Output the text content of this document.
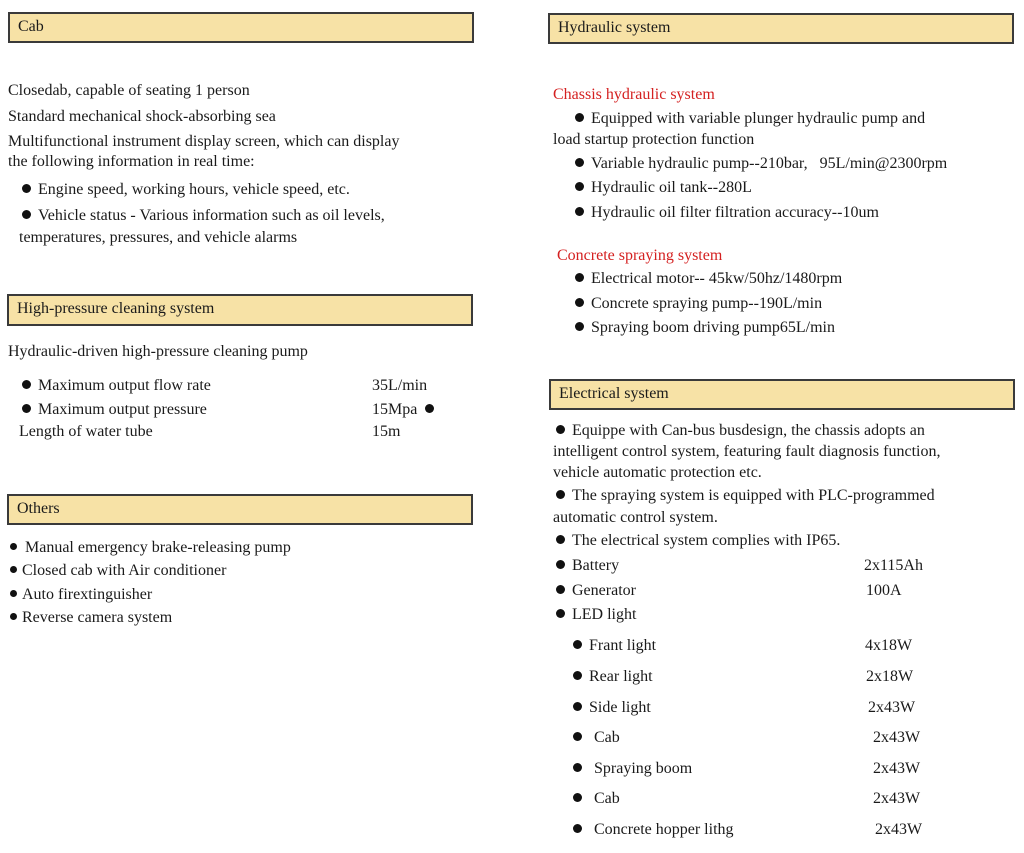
Cab
Closedab, capable of seating 1 person
Standard mechanical shock-absorbing sea
Multifunctional instrument display screen, which can display
the following information in real time:
Engine speed, working hours, vehicle speed, etc.
Vehicle status - Various information such as oil levels,
temperatures, pressures, and vehicle alarms
High-pressure cleaning system
Hydraulic-driven high-pressure cleaning pump
Maximum output flow rate	35L/min
Maximum output pressure	15Mpa
Length of water tube	15m
Others
Manual emergency brake-releasing pump
Closed cab with Air conditioner
Auto firextinguisher
Reverse camera system
Hydraulic system
Chassis hydraulic system
Equipped with variable plunger hydraulic pump and
load startup protection function
Variable hydraulic pump--210bar,   95L/min@2300rpm
Hydraulic oil tank--280L
Hydraulic oil filter filtration accuracy--10um
Concrete spraying system
Electrical motor-- 45kw/50hz/1480rpm
Concrete spraying pump--190L/min
Spraying boom driving pump65L/min
Electrical system
Equippe with Can-bus busdesign, the chassis adopts an
intelligent control system, featuring fault diagnosis function,
vehicle automatic protection etc.
The spraying system is equipped with PLC-programmed
automatic control system.
The electrical system complies with IP65.
Battery	2x115Ah
Generator	100A
LED light
Frant light	4x18W
Rear light	2x18W
Side light	2x43W
Cab	2x43W
Spraying boom	2x43W
Cab	2x43W
Concrete hopper lithg	2x43W
